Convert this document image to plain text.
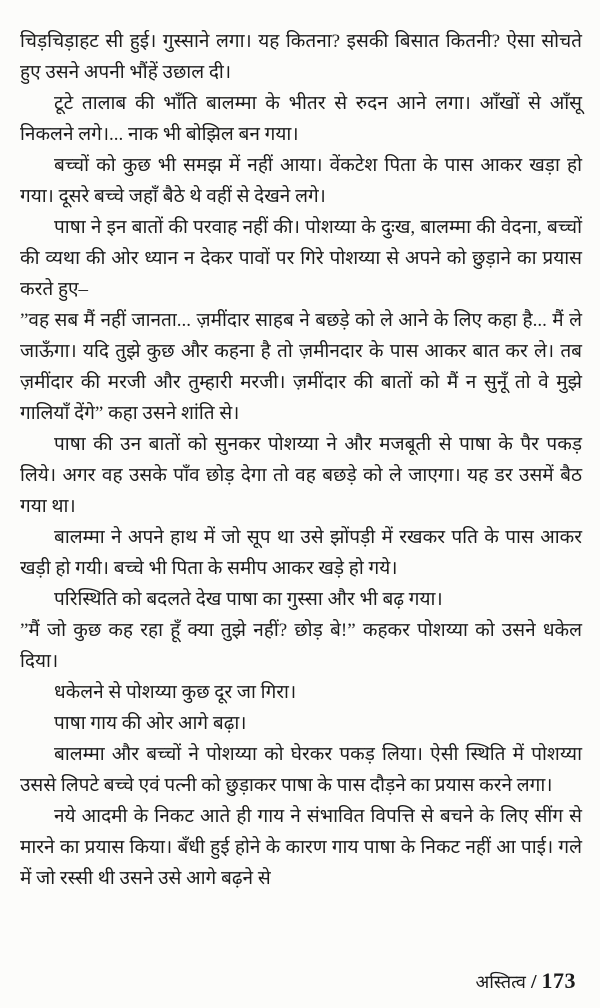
चिड़चिड़ाहट सी हुई। गुस्साने लगा। यह कितना? इसकी बिसात कितनी? ऐसा सोचते हुए उसने अपनी भौंहें उछाल दी।

टूटे तालाब की भाँति बालम्मा के भीतर से रुदन आने लगा। आँखों से आँसू निकलने लगे।... नाक भी बोझिल बन गया।

बच्चों को कुछ भी समझ में नहीं आया। वेंकटेश पिता के पास आकर खड़ा हो गया। दूसरे बच्चे जहाँ बैठे थे वहीं से देखने लगे।

पाषा ने इन बातों की परवाह नहीं की। पोशय्या के दुःख, बालम्मा की वेदना, बच्चों की व्यथा की ओर ध्यान न देकर पावों पर गिरे पोशय्या से अपने को छुड़ाने का प्रयास करते हुए–

”वह सब मैं नहीं जानता... ज़मींदार साहब ने बछड़े को ले आने के लिए कहा है... मैं ले जाऊँगा। यदि तुझे कुछ और कहना है तो ज़मीनदार के पास आकर बात कर ले। तब ज़मींदार की मरजी और तुम्हारी मरजी। ज़मींदार की बातों को मैं न सुनूँ तो वे मुझे गालियाँ देंगे” कहा उसने शांति से।

पाषा की उन बातों को सुनकर पोशय्या ने और मजबूती से पाषा के पैर पकड़ लिये। अगर वह उसके पाँव छोड़ देगा तो वह बछड़े को ले जाएगा। यह डर उसमें बैठ गया था।

बालम्मा ने अपने हाथ में जो सूप था उसे झोंपड़ी में रखकर पति के पास आकर खड़ी हो गयी। बच्चे भी पिता के समीप आकर खड़े हो गये।

परिस्थिति को बदलते देख पाषा का गुस्सा और भी बढ़ गया।

”मैं जो कुछ कह रहा हूँ क्या तुझे नहीं? छोड़ बे!” कहकर पोशय्या को उसने धकेल दिया।

धकेलने से पोशय्या कुछ दूर जा गिरा।

पाषा गाय की ओर आगे बढ़ा।

बालम्मा और बच्चों ने पोशय्या को घेरकर पकड़ लिया। ऐसी स्थिति में पोशय्या उससे लिपटे बच्चे एवं पत्नी को छुड़ाकर पाषा के पास दौड़ने का प्रयास करने लगा।

नये आदमी के निकट आते ही गाय ने संभावित विपत्ति से बचने के लिए सींग से मारने का प्रयास किया। बँधी हुई होने के कारण गाय पाषा के निकट नहीं आ पाई। गले में जो रस्सी थी उसने उसे आगे बढ़ने से

अस्तित्व / 173
